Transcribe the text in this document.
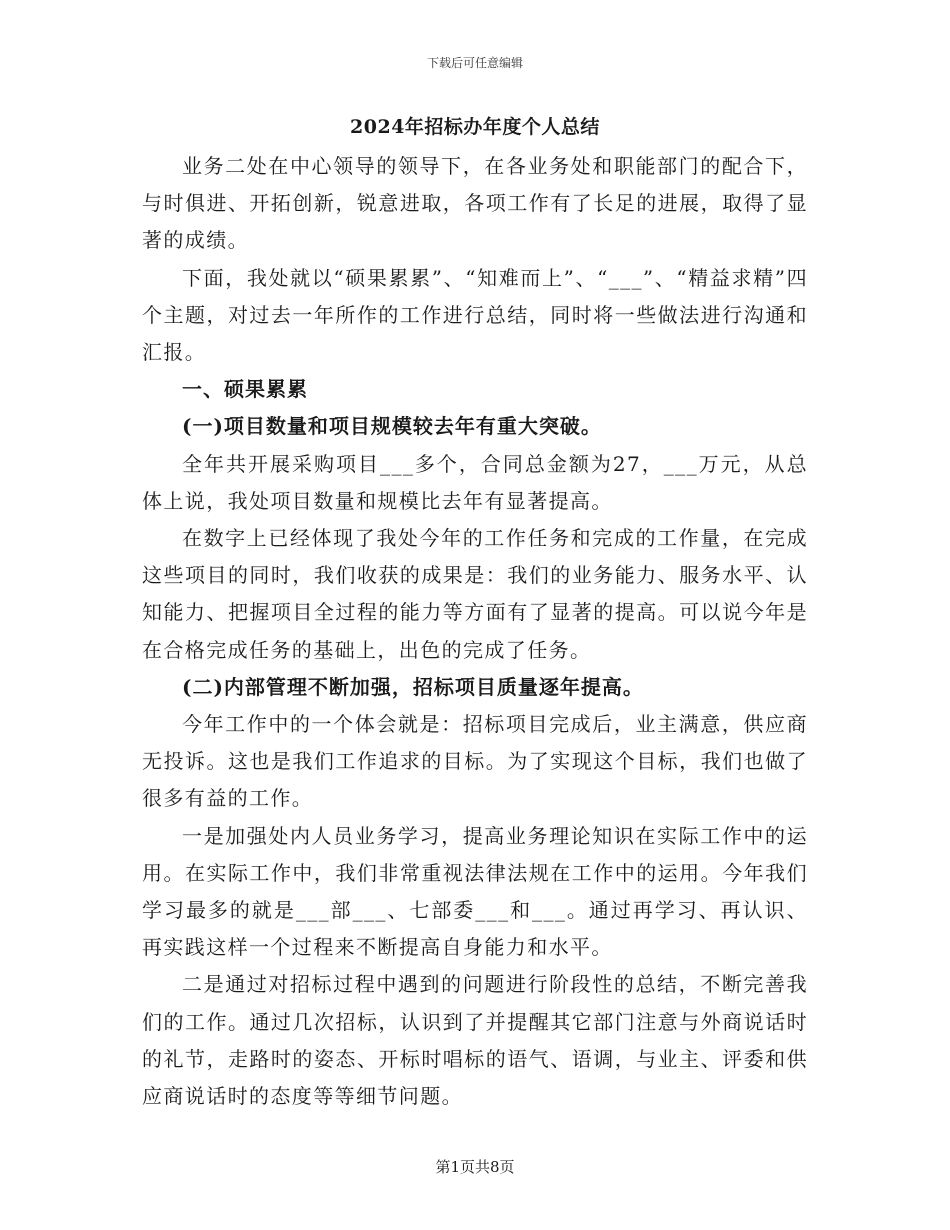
下载后可任意编辑
2024年招标办年度个人总结

业务二处在中心领导的领导下，在各业务处和职能部门的配合下，与时俱进、开拓创新，锐意进取，各项工作有了长足的进展，取得了显著的成绩。

下面，我处就以“硕果累累”、“知难而上”、“___”、“精益求精”四个主题，对过去一年所作的工作进行总结，同时将一些做法进行沟通和汇报。

一、硕果累累

(一)项目数量和项目规模较去年有重大突破。

全年共开展采购项目___多个，合同总金额为27，___万元，从总体上说，我处项目数量和规模比去年有显著提高。

在数字上已经体现了我处今年的工作任务和完成的工作量，在完成这些项目的同时，我们收获的成果是：我们的业务能力、服务水平、认知能力、把握项目全过程的能力等方面有了显著的提高。可以说今年是在合格完成任务的基础上，出色的完成了任务。

(二)内部管理不断加强，招标项目质量逐年提高。

今年工作中的一个体会就是：招标项目完成后，业主满意，供应商无投诉。这也是我们工作追求的目标。为了实现这个目标，我们也做了很多有益的工作。

一是加强处内人员业务学习，提高业务理论知识在实际工作中的运用。在实际工作中，我们非常重视法律法规在工作中的运用。今年我们学习最多的就是___部___、七部委___和___。通过再学习、再认识、再实践这样一个过程来不断提高自身能力和水平。

二是通过对招标过程中遇到的问题进行阶段性的总结，不断完善我们的工作。通过几次招标，认识到了并提醒其它部门注意与外商说话时的礼节，走路时的姿态、开标时唱标的语气、语调，与业主、评委和供应商说话时的态度等等细节问题。

第1页共8页
